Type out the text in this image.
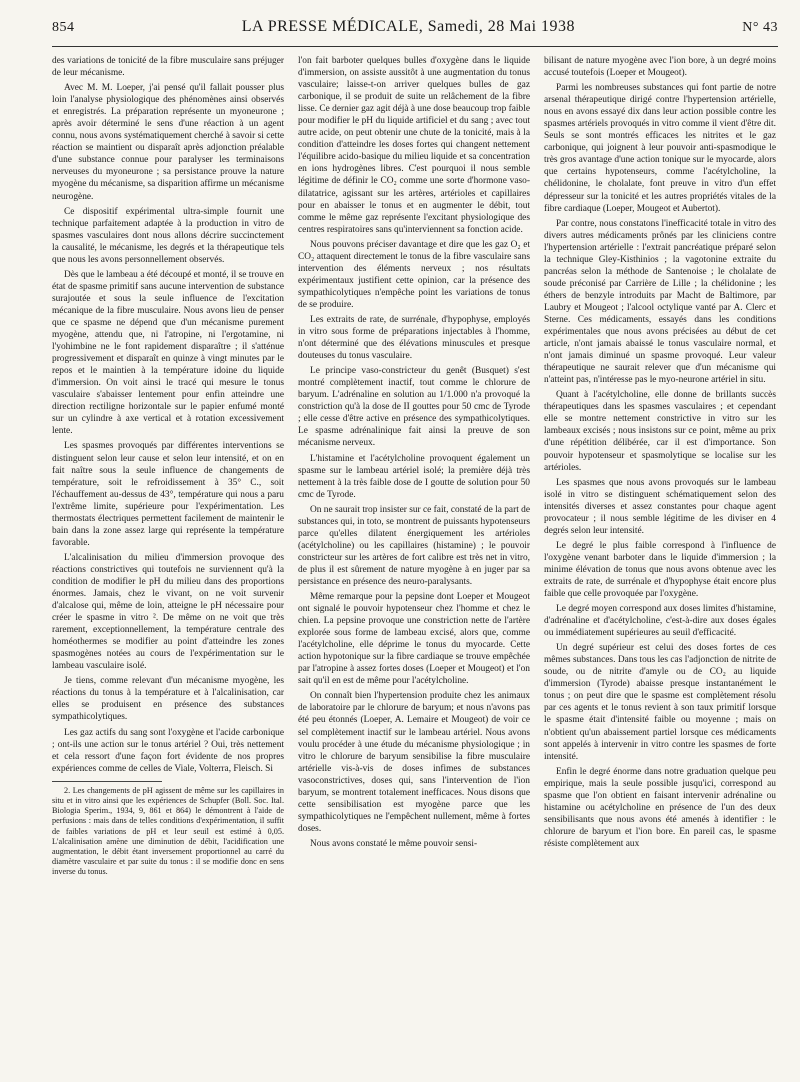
854	LA PRESSE MÉDICALE, Samedi, 28 Mai 1938	N° 43

des variations de tonicité de la fibre musculaire sans préjuger de leur mécanisme.

Avec M. M. Loeper, j'ai pensé qu'il fallait pousser plus loin l'analyse physiologique des phénomènes ainsi observés et enregistrés. La préparation représente un myoneurone ; après avoir déterminé le sens d'une réaction à un agent connu, nous avons systématiquement cherché à savoir si cette réaction se maintient ou disparaît après adjonction préalable d'une substance connue pour paralyser les terminaisons nerveuses du myoneurone ; sa persistance prouve la nature myogène du mécanisme, sa disparition affirme un mécanisme neurogène.

Ce dispositif expérimental ultra-simple fournit une technique parfaitement adaptée à la production in vitro de spasmes vasculaires dont nous allons décrire succinctement la causalité, le mécanisme, les degrés et la thérapeutique tels que nous les avons personnellement observés.

Dès que le lambeau a été découpé et monté, il se trouve en état de spasme primitif sans aucune intervention de substance surajoutée et sous la seule influence de l'excitation mécanique de la fibre musculaire. Nous avons lieu de penser que ce spasme ne dépend que d'un mécanisme purement myogène, attendu que, ni l'atropine, ni l'ergotamine, ni l'yohimbine ne le font rapidement disparaître ; il s'atténue progressivement et disparaît en quinze à vingt minutes par le repos et le maintien à la température idoine du liquide d'immersion. On voit ainsi le tracé qui mesure le tonus vasculaire s'abaisser lentement pour enfin atteindre une direction rectiligne horizontale sur le papier enfumé monté sur un cylindre à axe vertical et à rotation excessivement lente.

Les spasmes provoqués par différentes interventions se distinguent selon leur cause et selon leur intensité, et on en fait naître sous la seule influence de changements de température, soit le refroidissement à 35° C., soit l'échauffement au-dessus de 43°, température qui nous a paru l'extrême limite, supérieure pour l'expérimentation. Les thermostats électriques permettent facilement de maintenir le bain dans la zone assez large qui représente la température favorable.

L'alcalinisation du milieu d'immersion provoque des réactions constrictives qui toutefois ne surviennent qu'à la condition de modifier le pH du milieu dans des proportions énormes. Jamais, chez le vivant, on ne voit survenir d'alcalose qui, même de loin, atteigne le pH nécessaire pour créer le spasme in vitro ². De même on ne voit que très rarement, exceptionnellement, la température centrale des homéothermes se modifier au point d'atteindre les zones spasmogènes notées au cours de l'expérimentation sur le lambeau vasculaire isolé.

Je tiens, comme relevant d'un mécanisme myogène, les réactions du tonus à la température et à l'alcalinisation, car elles se produisent en présence des substances sympathicolytiques.

Les gaz actifs du sang sont l'oxygène et l'acide carbonique ; ont-ils une action sur le tonus artériel ? Oui, très nettement et cela ressort d'une façon fort évidente de nos propres expériences comme de celles de Viale, Volterra, Fleisch. Si

2. Les changements de pH agissent de même sur les capillaires in situ et in vitro ainsi que les expériences de Schupfer (Boll. Soc. Ital. Biologia Sperim., 1934, 9, 861 et 864) le démontrent à l'aide de perfusions : mais dans de telles conditions d'expérimentation, il suffit de faibles variations de pH et leur seuil est estimé à 0,05. L'alcalinisation amène une diminution de débit, l'acidification une augmentation, le débit étant inversement proportionnel au carré du diamètre vasculaire et par suite du tonus : il se modifie donc en sens inverse du tonus.

l'on fait barboter quelques bulles d'oxygène dans le liquide d'immersion, on assiste aussitôt à une augmentation du tonus vasculaire; laisse-t-on arriver quelques bulles de gaz carbonique, il se produit de suite un relâchement de la fibre lisse. Ce dernier gaz agit déjà à une dose beaucoup trop faible pour modifier le pH du liquide artificiel et du sang ; avec tout autre acide, on peut obtenir une chute de la tonicité, mais à la condition d'atteindre les doses fortes qui changent nettement l'équilibre acido-basique du milieu liquide et sa concentration en ions hydrogènes libres. C'est pourquoi il nous semble légitime de définir le CO₂ comme une sorte d'hormone vaso-dilatatrice, agissant sur les artères, artérioles et capillaires pour en abaisser le tonus et en augmenter le débit, tout comme le même gaz représente l'excitant physiologique des centres respiratoires sans qu'interviennent sa fonction acide.

Nous pouvons préciser davantage et dire que les gaz O₂ et CO₂ attaquent directement le tonus de la fibre vasculaire sans intervention des éléments nerveux ; nos résultats expérimentaux justifient cette opinion, car la présence des sympathicolytiques n'empêche point les variations de tonus de se produire.

Les extraits de rate, de surrénale, d'hypophyse, employés in vitro sous forme de préparations injectables à l'homme, n'ont déterminé que des élévations minuscules et presque douteuses du tonus vasculaire.

Le principe vaso-constricteur du genêt (Busquet) s'est montré complètement inactif, tout comme le chlorure de baryum. L'adrénaline en solution au 1/1.000 n'a provoqué la constriction qu'à la dose de II gouttes pour 50 cmc de Tyrode ; elle cesse d'être active en présence des sympathicolytiques. Le spasme adrénalinique fait ainsi la preuve de son mécanisme nerveux.

L'histamine et l'acétylcholine provoquent également un spasme sur le lambeau artériel isolé; la première déjà très nettement à la très faible dose de I goutte de solution pour 50 cmc de Tyrode.

On ne saurait trop insister sur ce fait, constaté de la part de substances qui, in toto, se montrent de puissants hypotenseurs parce qu'elles dilatent énergiquement les artérioles (acétylcholine) ou les capillaires (histamine) ; le pouvoir constricteur sur les artères de fort calibre est très net in vitro, de plus il est sûrement de nature myogène à en juger par sa persistance en présence des neuro-paralysants.

Même remarque pour la pepsine dont Loeper et Mougeot ont signalé le pouvoir hypotenseur chez l'homme et chez le chien. La pepsine provoque une constriction nette de l'artère explorée sous forme de lambeau excisé, alors que, comme l'acétylcholine, elle déprime le tonus du myocarde. Cette action hypotonique sur la fibre cardiaque se trouve empêchée par l'atropine à assez fortes doses (Loeper et Mougeot) et l'on sait qu'il en est de même pour l'acétylcholine.

On connaît bien l'hypertension produite chez les animaux de laboratoire par le chlorure de baryum; et nous n'avons pas été peu étonnés (Loeper, A. Lemaire et Mougeot) de voir ce sel complètement inactif sur le lambeau artériel. Nous avons voulu procéder à une étude du mécanisme physiologique ; in vitro le chlorure de baryum sensibilise la fibre musculaire artérielle vis-à-vis de doses infimes de substances vasoconstrictives, doses qui, sans l'intervention de l'ion baryum, se montrent totalement inefficaces. Nous disons que cette sensibilisation est myogène parce que les sympathicolytiques ne l'empêchent nullement, même à fortes doses.

Nous avons constaté le même pouvoir sensi-

bilisant de nature myogène avec l'ion bore, à un degré moins accusé toutefois (Loeper et Mougeot).

Parmi les nombreuses substances qui font partie de notre arsenal thérapeutique dirigé contre l'hypertension artérielle, nous en avons essayé dix dans leur action possible contre les spasmes artériels provoqués in vitro comme il vient d'être dit. Seuls se sont montrés efficaces les nitrites et le gaz carbonique, qui joignent à leur pouvoir anti-spasmodique le très gros avantage d'une action tonique sur le myocarde, alors que certains hypotenseurs, comme l'acétylcholine, la chélidonine, le cholalate, font preuve in vitro d'un effet dépresseur sur la tonicité et les autres propriétés vitales de la fibre cardiaque (Loeper, Mougeot et Aubertot).

Par contre, nous constatons l'inefficacité totale in vitro des divers autres médicaments prônés par les cliniciens contre l'hypertension artérielle : l'extrait pancréatique préparé selon la technique Gley-Kisthinios ; la vagotonine extraite du pancréas selon la méthode de Santenoise ; le cholalate de soude préconisé par Carrière de Lille ; la chélidonine ; les éthers de benzyle introduits par Macht de Baltimore, par Laubry et Mougeot ; l'alcool octylique vanté par A. Clerc et Sterne. Ces médicaments, essayés dans les conditions expérimentales que nous avons précisées au début de cet article, n'ont jamais abaissé le tonus vasculaire normal, et n'ont jamais diminué un spasme provoqué. Leur valeur thérapeutique ne saurait relever que d'un mécanisme qui n'atteint pas, n'intéresse pas le myo-neurone artériel in situ.

Quant à l'acétylcholine, elle donne de brillants succès thérapeutiques dans les spasmes vasculaires ; et cependant elle se montre nettement constrictive in vitro sur les lambeaux excisés ; nous insistons sur ce point, même au prix d'une répétition délibérée, car il est d'importance. Son pouvoir hypotenseur et spasmolytique se localise sur les artérioles.

Les spasmes que nous avons provoqués sur le lambeau isolé in vitro se distinguent schématiquement selon des intensités diverses et assez constantes pour chaque agent provocateur ; il nous semble légitime de les diviser en 4 degrés selon leur intensité.

Le degré le plus faible correspond à l'influence de l'oxygène venant barboter dans le liquide d'immersion ; la minime élévation de tonus que nous avons obtenue avec les extraits de rate, de surrénale et d'hypophyse était encore plus faible que celle provoquée par l'oxygène.

Le degré moyen correspond aux doses limites d'histamine, d'adrénaline et d'acétylcholine, c'est-à-dire aux doses égales ou immédiatement supérieures au seuil d'efficacité.

Un degré supérieur est celui des doses fortes de ces mêmes substances. Dans tous les cas l'adjonction de nitrite de soude, ou de nitrite d'amyle ou de CO₂ au liquide d'immersion (Tyrode) abaisse presque instantanément le tonus ; on peut dire que le spasme est complètement résolu par ces agents et le tonus revient à son taux primitif lorsque le spasme était d'intensité faible ou moyenne ; mais on n'obtient qu'un abaissement partiel lorsque ces médicaments sont appelés à intervenir in vitro contre les spasmes de forte intensité.

Enfin le degré énorme dans notre graduation quelque peu empirique, mais la seule possible jusqu'ici, correspond au spasme que l'on obtient en faisant intervenir adrénaline ou histamine ou acétylcholine en présence de l'un des deux sensibilisants que nous avons été amenés à identifier : le chlorure de baryum et l'ion bore. En pareil cas, le spasme résiste complètement aux
